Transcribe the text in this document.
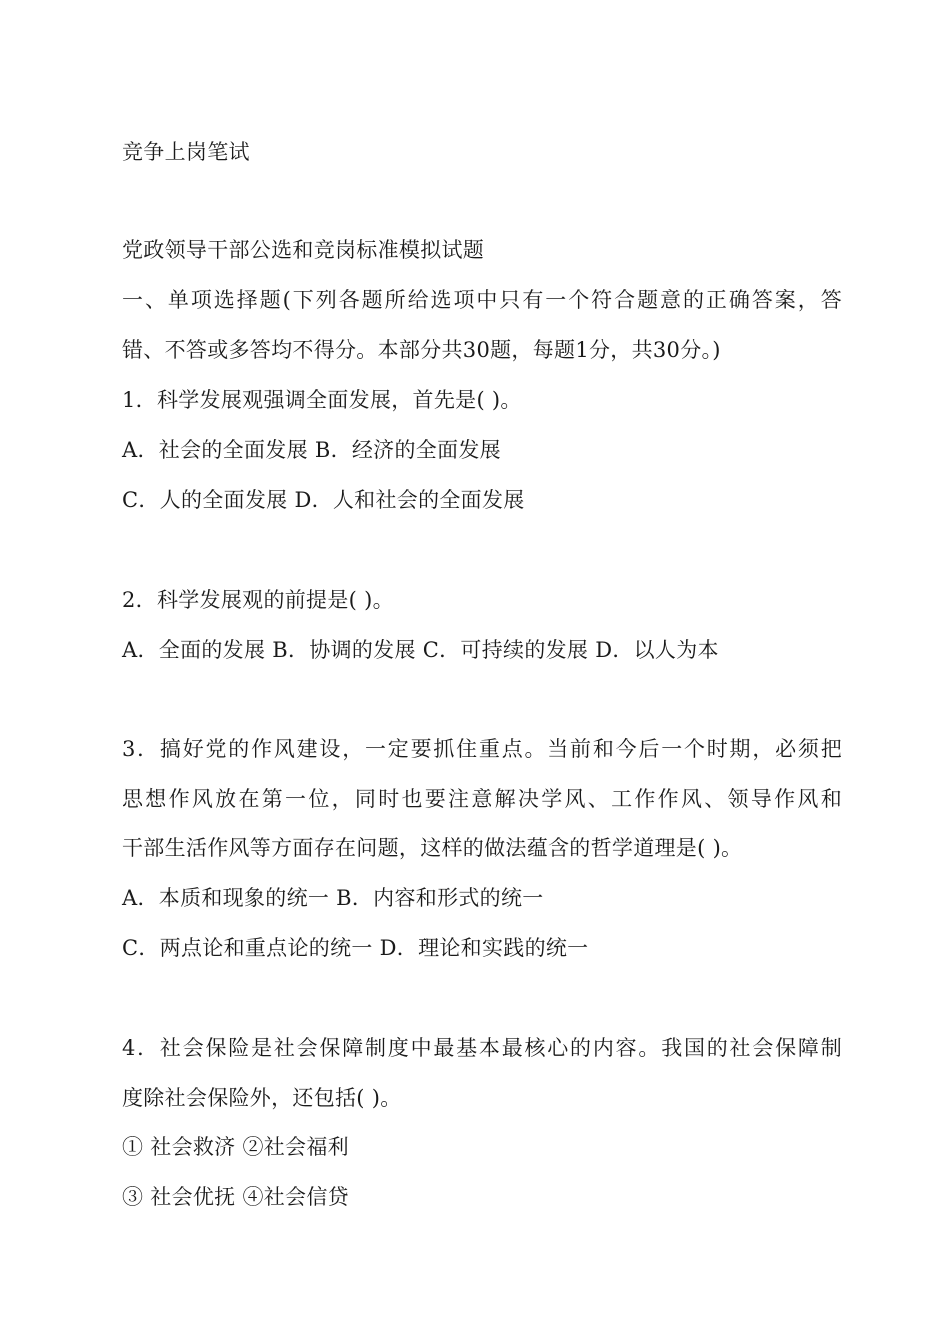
竞争上岗笔试
党政领导干部公选和竞岗标准模拟试题
一、单项选择题(下列各题所给选项中只有一个符合题意的正确答案，答
错、不答或多答均不得分。本部分共30题，每题1分，共30分。)
1．科学发展观强调全面发展，首先是( )。
A．社会的全面发展 B．经济的全面发展
C．人的全面发展 D．人和社会的全面发展
2．科学发展观的前提是( )。
A．全面的发展 B．协调的发展 C．可持续的发展 D．以人为本
3．搞好党的作风建设，一定要抓住重点。当前和今后一个时期，必须把
思想作风放在第一位，同时也要注意解决学风、工作作风、领导作风和
干部生活作风等方面存在问题，这样的做法蕴含的哲学道理是( )。
A．本质和现象的统一 B．内容和形式的统一
C．两点论和重点论的统一 D．理论和实践的统一
4．社会保险是社会保障制度中最基本最核心的内容。我国的社会保障制
度除社会保险外，还包括( )。
① 社会救济 ②社会福利
③ 社会优抚 ④社会信贷
